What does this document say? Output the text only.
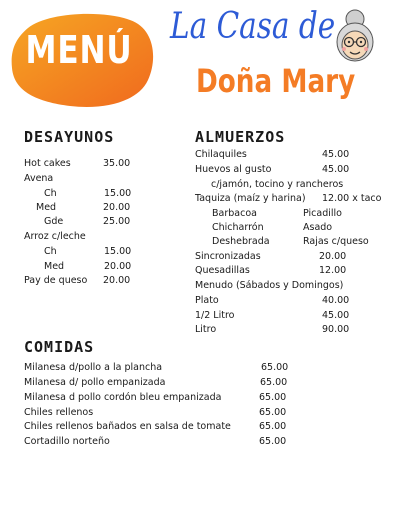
MENÚ
La Casa de
Doña Mary
DESAYUNOS
Hot cakes	35.00
Avena
Ch	15.00
Med	20.00
Gde	25.00
Arroz c/leche
Ch	15.00
Med	20.00
Pay de queso 20.00
ALMUERZOS
Chilaquiles	45.00
Huevos al gusto	45.00
c/jamón, tocino y rancheros
Taquiza (maíz y harina) 12.00 x taco
Barbacoa	Picadillo
Chicharrón	Asado
Deshebrada	Rajas c/queso
Sincronizadas	20.00
Quesadillas	12.00
Menudo (Sábados y Domingos)
Plato	40.00
1/2 Litro	45.00
Litro	90.00
COMIDAS
Milanesa d/pollo a la plancha	65.00
Milanesa d/ pollo empanizada	65.00
Milanesa d pollo cordón bleu empanizada	65.00
Chiles rellenos	65.00
Chiles rellenos bañados en salsa de tomate	65.00
Cortadillo norteño	65.00
